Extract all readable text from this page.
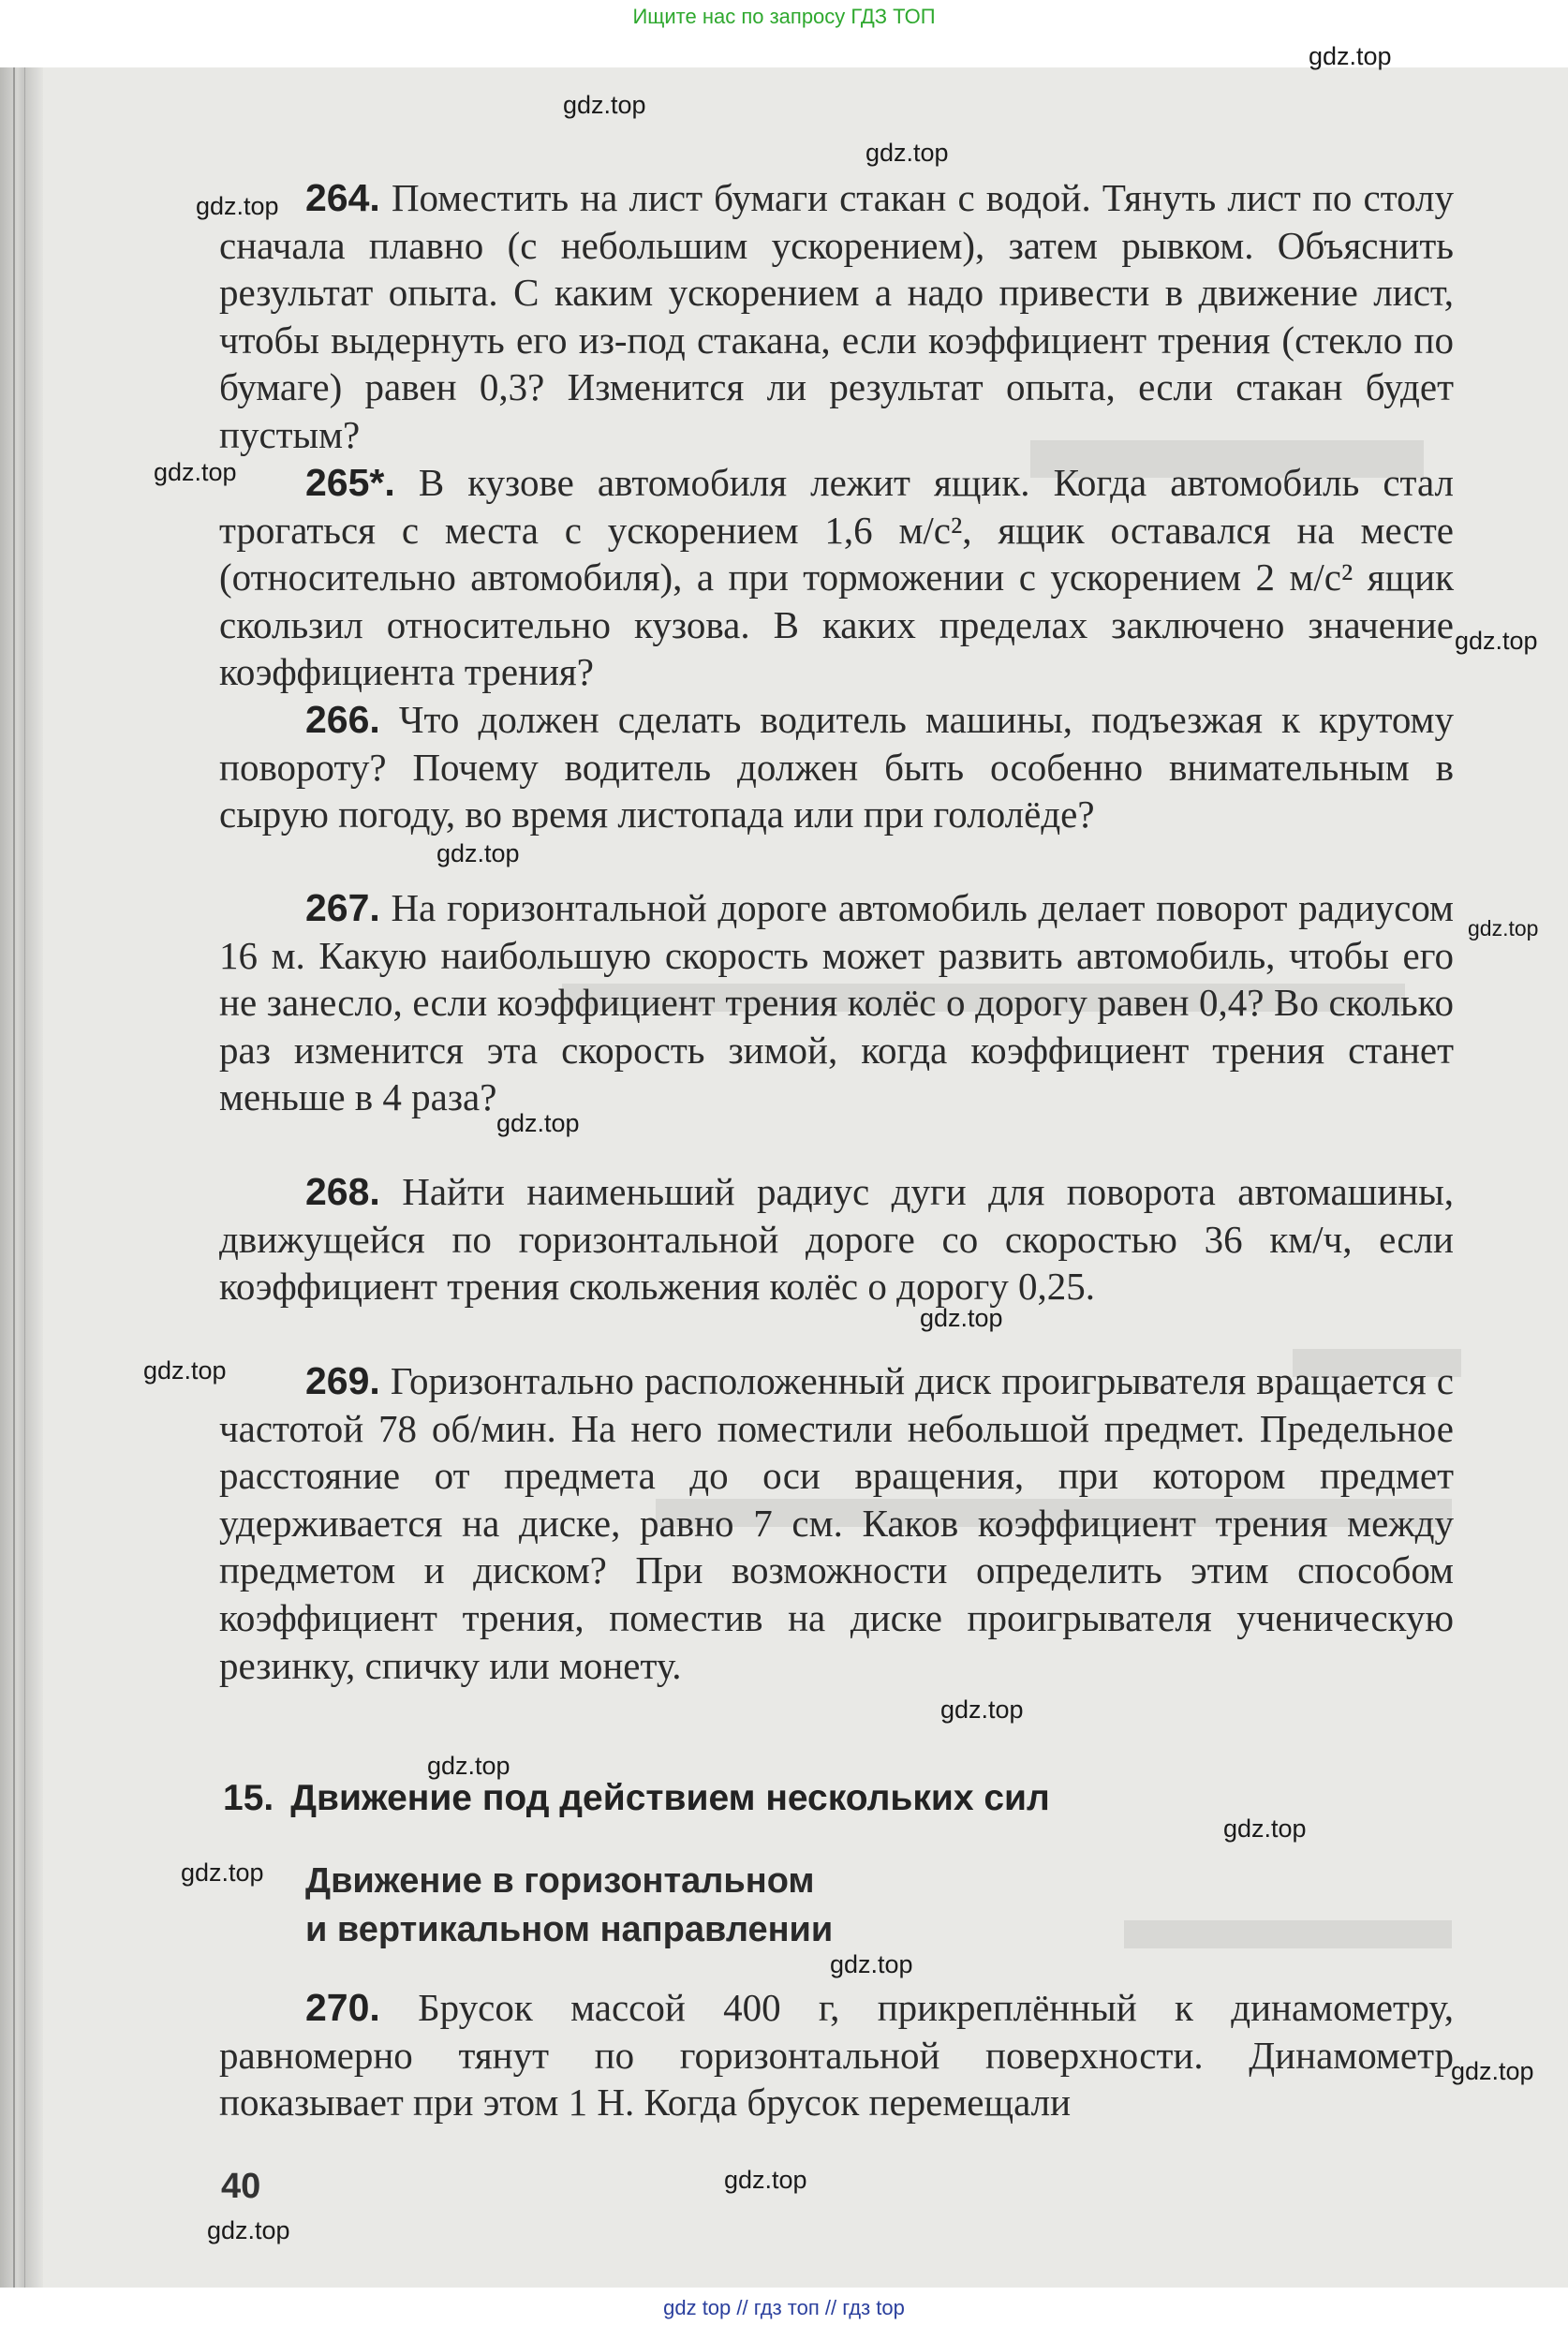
Ищите нас по запросу ГДЗ ТОП

264. Поместить на лист бумаги стакан с водой. Тянуть лист по столу сначала плавно (с небольшим ускорением), затем рывком. Объяснить результат опыта. С каким ускорением a надо привести в движение лист, чтобы выдернуть его из-под стакана, если коэффициент трения (стекло по бумаге) равен 0,3? Изменится ли результат опыта, если стакан будет пустым?

265*. В кузове автомобиля лежит ящик. Когда автомобиль стал трогаться с места с ускорением 1,6 м/с², ящик оставался на месте (относительно автомобиля), а при торможении с ускорением 2 м/с² ящик скользил относительно кузова. В каких пределах заключено значение коэффициента трения?

266. Что должен сделать водитель машины, подъезжая к крутому повороту? Почему водитель должен быть особенно внимательным в сырую погоду, во время листопада или при гололёде?

267. На горизонтальной дороге автомобиль делает поворот радиусом 16 м. Какую наибольшую скорость может развить автомобиль, чтобы его не занесло, если коэффициент трения колёс о дорогу равен 0,4? Во сколько раз изменится эта скорость зимой, когда коэффициент трения станет меньше в 4 раза?

268. Найти наименьший радиус дуги для поворота автомашины, движущейся по горизонтальной дороге со скоростью 36 км/ч, если коэффициент трения скольжения колёс о дорогу 0,25.

269. Горизонтально расположенный диск проигрывателя вращается с частотой 78 об/мин. На него поместили небольшой предмет. Предельное расстояние от предмета до оси вращения, при котором предмет удерживается на диске, равно 7 см. Каков коэффициент трения между предметом и диском? При возможности определить этим способом коэффициент трения, поместив на диске проигрывателя ученическую резинку, спичку или монету.

15. Движение под действием нескольких сил
Движение в горизонтальном
и вертикальном направлении

270. Брусок массой 400 г, прикреплённый к динамометру, равномерно тянут по горизонтальной поверхности. Динамометр показывает при этом 1 Н. Когда брусок перемещали

40
gdz.top
gdz.top
gdz.top
gdz.top
gdz.top
gdz.top
gdz.top
gdz.top
gdz.top
gdz.top
gdz.top
gdz.top
gdz.top
gdz.top
gdz.top
gdz.top
gdz.top
gdz.top
gdz.top
gdz top // гдз топ // гдз top
